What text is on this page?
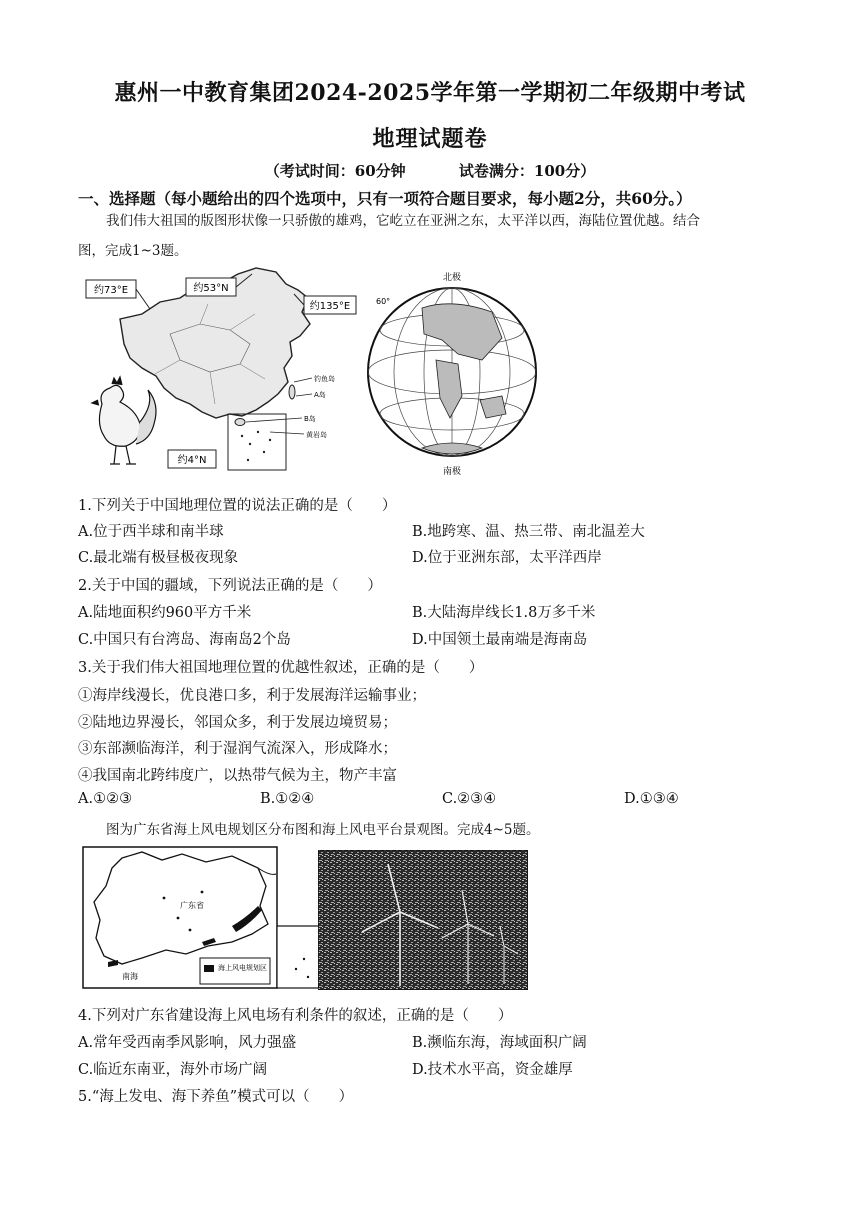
惠州一中教育集团2024-2025学年第一学期初二年级期中考试
地理试题卷
（考试时间：60分钟	试卷满分：100分）
一、选择题（每小题给出的四个选项中，只有一项符合题目要求，每小题2分，共60分。）
我们伟大祖国的版图形状像一只骄傲的雄鸡，它屹立在亚洲之东，太平洋以西，海陆位置优越。结合
图，完成1~3题。
约73°E	约53°N
约135°E
约4°N
钓鱼岛
A岛
B岛
黄岩岛
北极
60°
南极
1.下列关于中国地理位置的说法正确的是（　　）
A.位于西半球和南半球	B.地跨寒、温、热三带、南北温差大
C.最北端有极昼极夜现象	D.位于亚洲东部，太平洋西岸
2.关于中国的疆域，下列说法正确的是（　　）
A.陆地面积约960平方千米	B.大陆海岸线长1.8万多千米
C.中国只有台湾岛、海南岛2个岛	D.中国领土最南端是海南岛
3.关于我们伟大祖国地理位置的优越性叙述，正确的是（　　）
①海岸线漫长，优良港口多，利于发展海洋运输事业；
②陆地边界漫长，邻国众多，利于发展边境贸易；
③东部濒临海洋，利于湿润气流深入，形成降水；
④我国南北跨纬度广，以热带气候为主，物产丰富
A.①②③	B.①②④	C.②③④	D.①③④
图为广东省海上风电规划区分布图和海上风电平台景观图。完成4~5题。
广东省
南海
海上风电规划区
4.下列对广东省建设海上风电场有利条件的叙述，正确的是（　　）
A.常年受西南季风影响，风力强盛	B.濒临东海，海域面积广阔
C.临近东南亚，海外市场广阔	D.技术水平高，资金雄厚
5.“海上发电、海下养鱼”模式可以（　　）
